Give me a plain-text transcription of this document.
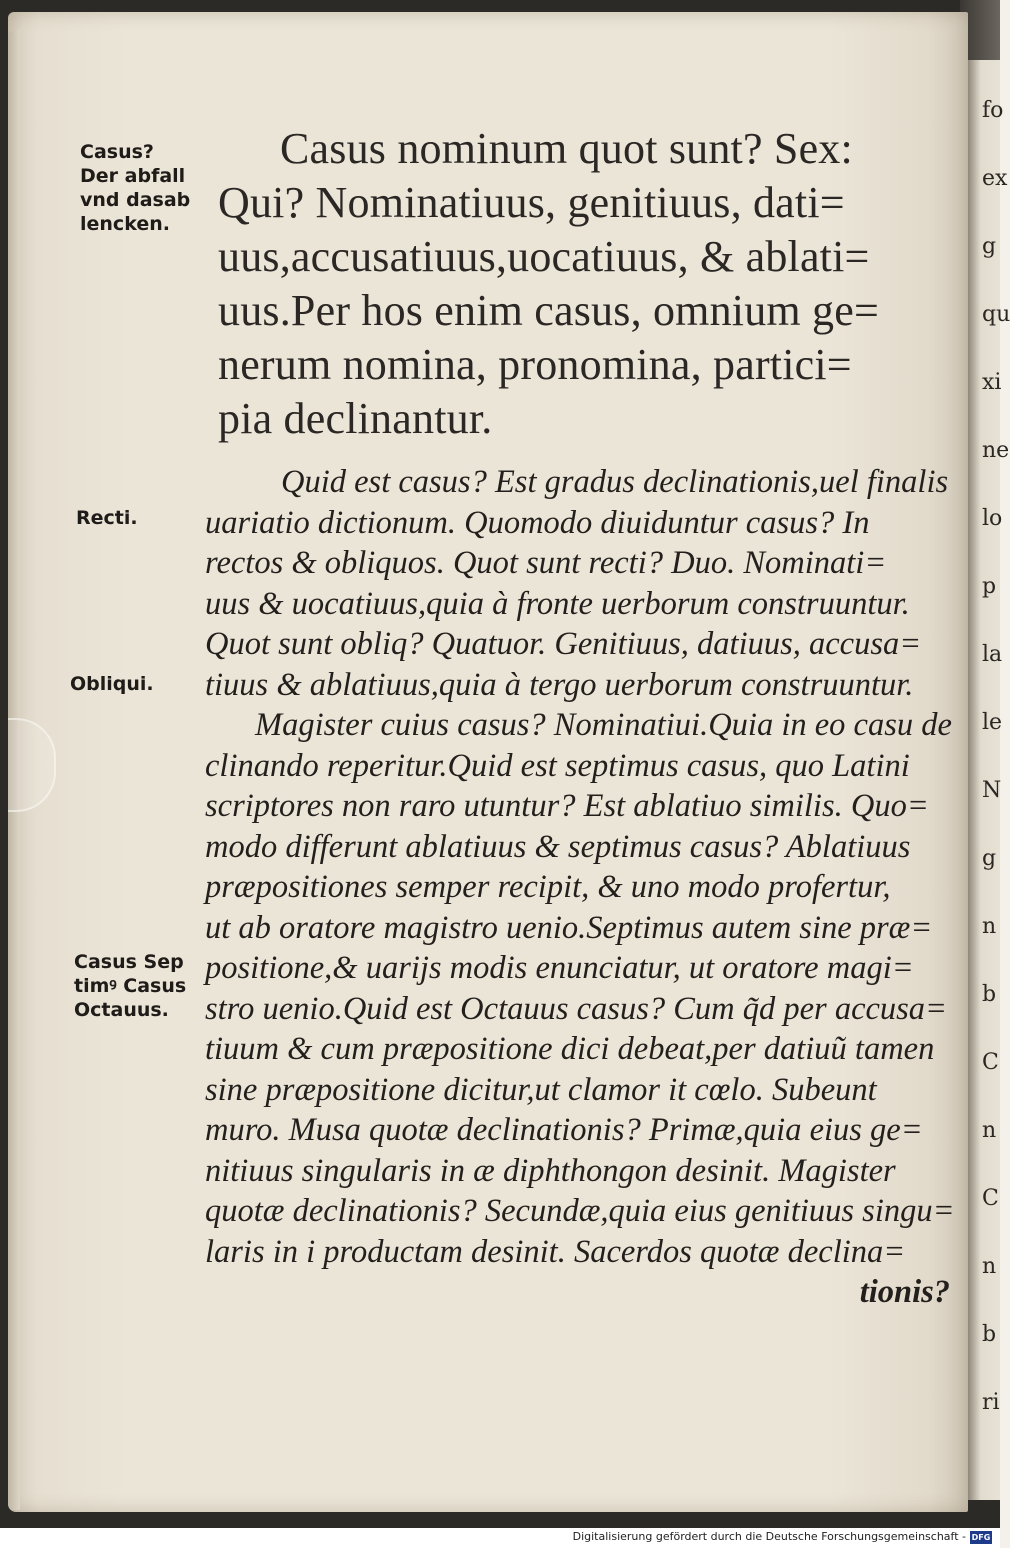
fo
ex
g
qu
xi
ne
lo
p
la
le
N
g
n
b
C
n
C
n
b
ri

Casus?

Der abfall

vnd dasab

lencken.

Recti.

Obliqui.

Casus Sep

timꝰ Casus

Octauus.

Casus nominum quot sunt? Sex:

Qui? Nominatiuus, genitiuus, dati=

uus,accusatiuus,uocatiuus, & ablati=

uus.Per hos enim casus, omnium ge=

nerum nomina, pronomina, partici=

pia declinantur.

Quid est casus? Est gradus declinationis,uel finalis

uariatio dictionum. Quomodo diuiduntur casus? In

rectos & obliquos. Quot sunt recti? Duo. Nominati=

uus & uocatiuus,quia à fronte uerborum construuntur.

Quot sunt obliq? Quatuor. Genitiuus, datiuus, accusa=

tiuus & ablatiuus,quia à tergo uerborum construuntur.

Magister cuius casus? Nominatiui.Quia in eo casu de

clinando reperitur.Quid est septimus casus, quo Latini

scriptores non raro utuntur? Est ablatiuo similis. Quo=

modo differunt ablatiuus & septimus casus? Ablatiuus

præpositiones semper recipit, & uno modo profertur,

ut ab oratore magistro uenio.Septimus autem sine præ=

positione,& uarijs modis enunciatur, ut oratore magi=

stro uenio.Quid est Octauus casus? Cum q̃d per accusa=

tiuum & cum præpositione dici debeat,per datiuũ tamen

sine præpositione dicitur,ut clamor it cœlo. Subeunt

muro. Musa quotæ declinationis? Primæ,quia eius ge=

nitiuus singularis in æ diphthongon desinit. Magister

quotæ declinationis? Secundæ,quia eius genitiuus singu=

laris in i productam desinit. Sacerdos quotæ declina=

tionis?

Digitalisierung gefördert durch die Deutsche Forschungsgemeinschaft - DFG
